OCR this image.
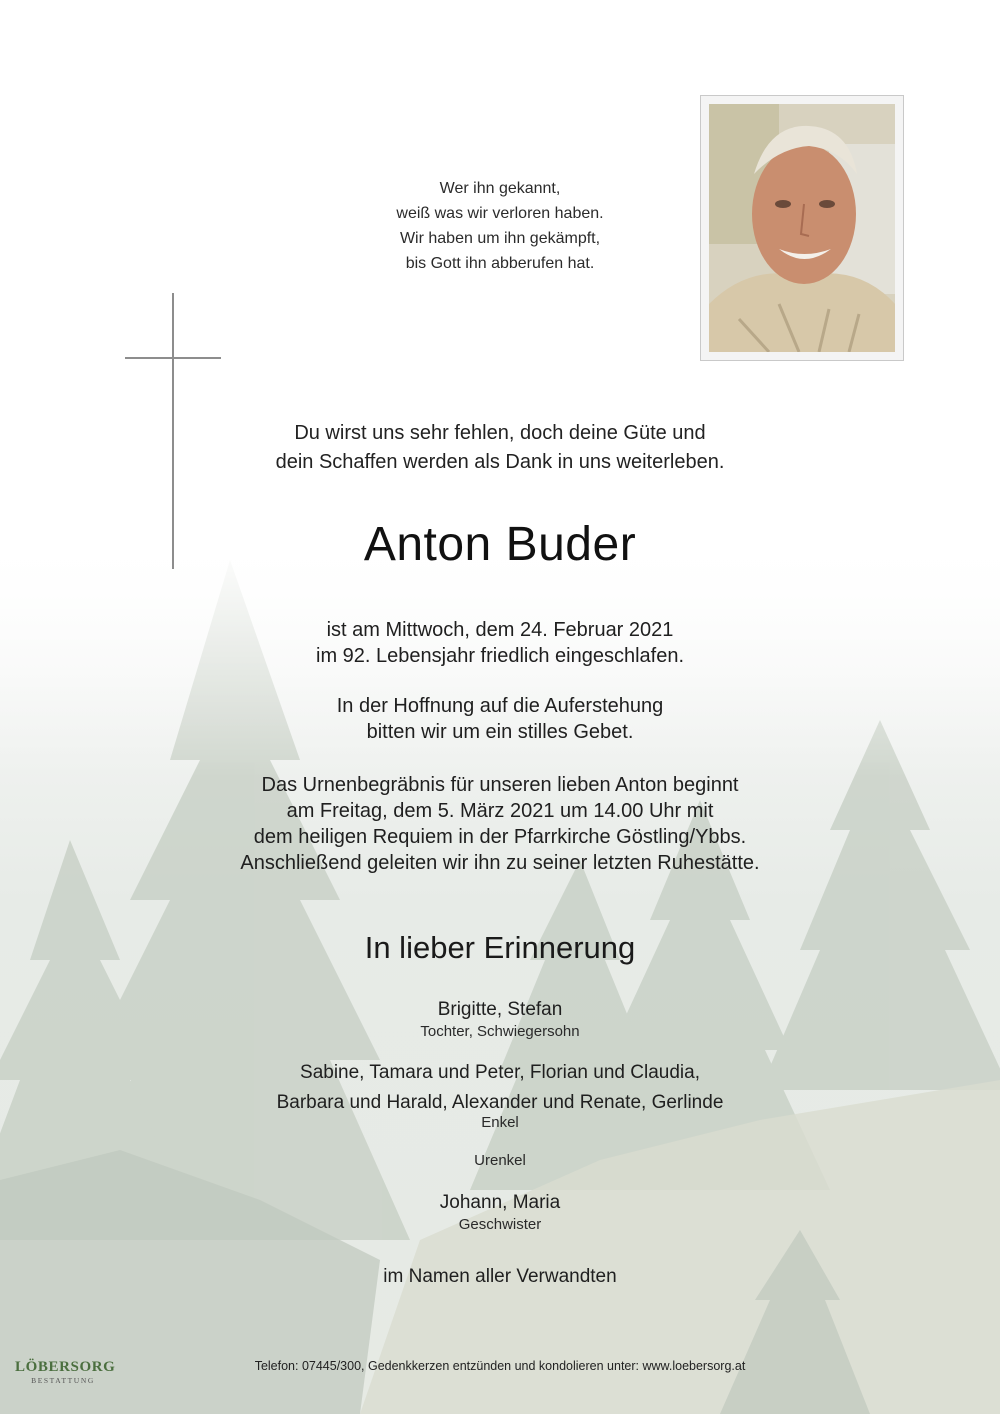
Wer ihn gekannt,
weiß was wir verloren haben.
Wir haben um ihn gekämpft,
bis Gott ihn abberufen hat.
Du wirst uns sehr fehlen, doch deine Güte und
dein Schaffen werden als Dank in uns weiterleben.
Anton Buder
ist am Mittwoch, dem 24. Februar 2021
im 92. Lebensjahr friedlich eingeschlafen.
In der Hoffnung auf die Auferstehung
bitten wir um ein stilles Gebet.
Das Urnenbegräbnis für unseren lieben Anton beginnt
am Freitag, dem 5. März 2021 um 14.00 Uhr mit
dem heiligen Requiem in der Pfarrkirche Göstling/Ybbs.
Anschließend geleiten wir ihn zu seiner letzten Ruhestätte.
In lieber Erinnerung
Brigitte, Stefan
Tochter, Schwiegersohn
Sabine, Tamara und Peter, Florian und Claudia,
Barbara und Harald, Alexander und Renate, Gerlinde
Enkel
Urenkel
Johann, Maria
Geschwister
im Namen aller Verwandten
Telefon: 07445/300, Gedenkkerzen entzünden und kondolieren unter: www.loebersorg.at
LÖBERSORG
BESTATTUNG
